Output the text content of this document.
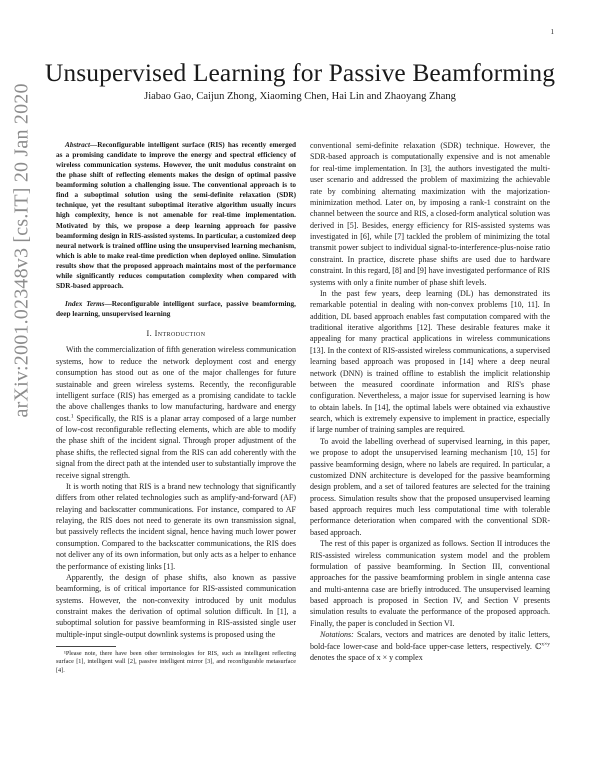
1
arXiv:2001.02348v3 [cs.IT] 20 Jan 2020
Unsupervised Learning for Passive Beamforming
Jiabao Gao, Caijun Zhong, Xiaoming Chen, Hai Lin and Zhaoyang Zhang

Abstract—Reconfigurable intelligent surface (RIS) has recently emerged as a promising candidate to improve the energy and spectral efficiency of wireless communication systems. However, the unit modulus constraint on the phase shift of reflecting elements makes the design of optimal passive beamforming solution a challenging issue. The conventional approach is to find a suboptimal solution using the semi-definite relaxation (SDR) technique, yet the resultant suboptimal iterative algorithm usually incurs high complexity, hence is not amenable for real-time implementation. Motivated by this, we propose a deep learning approach for passive beamforming design in RIS-assisted systems. In particular, a customized deep neural network is trained offline using the unsupervised learning mechanism, which is able to make real-time prediction when deployed online. Simulation results show that the proposed approach maintains most of the performance while significantly reduces computation complexity when compared with SDR-based approach.

Index Terms—Reconfigurable intelligent surface, passive beamforming, deep learning, unsupervised learning

I. Introduction

With the commercialization of fifth generation wireless communication systems, how to reduce the network deployment cost and energy consumption has stood out as one of the major challenges for future sustainable and green wireless systems. Recently, the reconfigurable intelligent surface (RIS) has emerged as a promising candidate to tackle the above challenges thanks to low manufacturing, hardware and energy cost.$^1$ Specifically, the RIS is a planar array composed of a large number of low-cost reconfigurable reflecting elements, which are able to modify the phase shift of the incident signal. Through proper adjustment of the phase shifts, the reflected signal from the RIS can add coherently with the signal from the direct path at the intended user to substantially improve the receive signal strength.

It is worth noting that RIS is a brand new technology that significantly differs from other related technologies such as amplify-and-forward (AF) relaying and backscatter communications. For instance, compared to AF relaying, the RIS does not need to generate its own transmission signal, but passively reflects the incident signal, hence having much lower power consumption. Compared to the backscatter communications, the RIS does not deliver any of its own information, but only acts as a helper to enhance the performance of existing links [1].

Apparently, the design of phase shifts, also known as passive beamforming, is of critical importance for RIS-assisted communication systems. However, the non-convexity introduced by unit modulus constraint makes the derivation of optimal solution difficult. In [1], a suboptimal solution for passive beamforming in RIS-assisted single user multiple-input single-output downlink systems is proposed using the

¹Please note, there have been other terminologies for RIS, such as intelligent reflecting surface [1], intelligent wall [2], passive intelligent mirror [3], and reconfigurable metasurface [4].

conventional semi-definite relaxation (SDR) technique. However, the SDR-based approach is computationally expensive and is not amenable for real-time implementation. In [3], the authors investigated the multi-user scenario and addressed the problem of maximizing the achievable rate by combining alternating maximization with the majorization-minimization method. Later on, by imposing a rank-1 constraint on the channel between the source and RIS, a closed-form analytical solution was derived in [5]. Besides, energy efficiency for RIS-assisted systems was investigated in [6], while [7] tackled the problem of minimizing the total transmit power subject to individual signal-to-interference-plus-noise ratio constraint. In practice, discrete phase shifts are used due to hardware constraint. In this regard, [8] and [9] have investigated performance of RIS systems with only a finite number of phase shift levels.

In the past few years, deep learning (DL) has demonstrated its remarkable potential in dealing with non-convex problems [10, 11]. In addition, DL based approach enables fast computation compared with the traditional iterative algorithms [12]. These desirable features make it appealing for many practical applications in wireless communications [13]. In the context of RIS-assisted wireless communications, a supervised learning based approach was proposed in [14] where a deep neural network (DNN) is trained offline to establish the implicit relationship between the measured coordinate information and RIS's phase configuration. Nevertheless, a major issue for supervised learning is how to obtain labels. In [14], the optimal labels were obtained via exhaustive search, which is extremely expensive to implement in practice, especially if large number of training samples are required.

To avoid the labelling overhead of supervised learning, in this paper, we propose to adopt the unsupervised learning mechanism [10, 15] for passive beamforming design, where no labels are required. In particular, a customized DNN architecture is developed for the passive beamforming design problem, and a set of tailored features are selected for the training process. Simulation results show that the proposed unsupervised learning based approach requires much less computational time with tolerable performance deterioration when compared with the conventional SDR-based approach.

The rest of this paper is organized as follows. Section II introduces the RIS-assisted wireless communication system model and the problem formulation of passive beamforming. In Section III, conventional approaches for the passive beamforming problem in single antenna case and multi-antenna case are briefly introduced. The unsupervised learning based approach is proposed in Section IV, and Section V presents simulation results to evaluate the performance of the proposed approach. Finally, the paper is concluded in Section VI.

Notations: Scalars, vectors and matrices are denoted by italic letters, bold-face lower-case and bold-face upper-case letters, respectively. ℂ$^{x\times y}$ denotes the space of x × y complex
